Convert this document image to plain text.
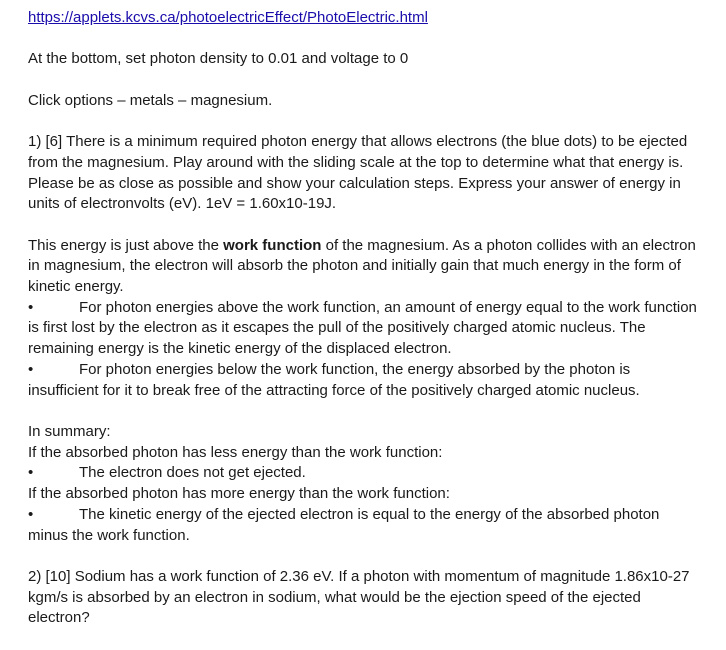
https://applets.kcvs.ca/photoelectricEffect/PhotoElectric.html
At the bottom, set photon density to 0.01 and voltage to 0
Click options – metals – magnesium.
1) [6] There is a minimum required photon energy that allows electrons (the blue dots) to be ejected from the magnesium. Play around with the sliding scale at the top to determine what that energy is. Please be as close as possible and show your calculation steps. Express your answer of energy in units of electronvolts (eV). 1eV = 1.60x10-19J.
This energy is just above the work function of the magnesium. As a photon collides with an electron in magnesium, the electron will absorb the photon and initially gain that much energy in the form of kinetic energy.
•	For photon energies above the work function, an amount of energy equal to the work function is first lost by the electron as it escapes the pull of the positively charged atomic nucleus. The remaining energy is the kinetic energy of the displaced electron.
•	For photon energies below the work function, the energy absorbed by the photon is insufficient for it to break free of the attracting force of the positively charged atomic nucleus.
In summary:
If the absorbed photon has less energy than the work function:
•	The electron does not get ejected.
If the absorbed photon has more energy than the work function:
•	The kinetic energy of the ejected electron is equal to the energy of the absorbed photon minus the work function.
2) [10] Sodium has a work function of 2.36 eV. If a photon with momentum of magnitude 1.86x10-27 kgm/s is absorbed by an electron in sodium, what would be the ejection speed of the ejected electron?
